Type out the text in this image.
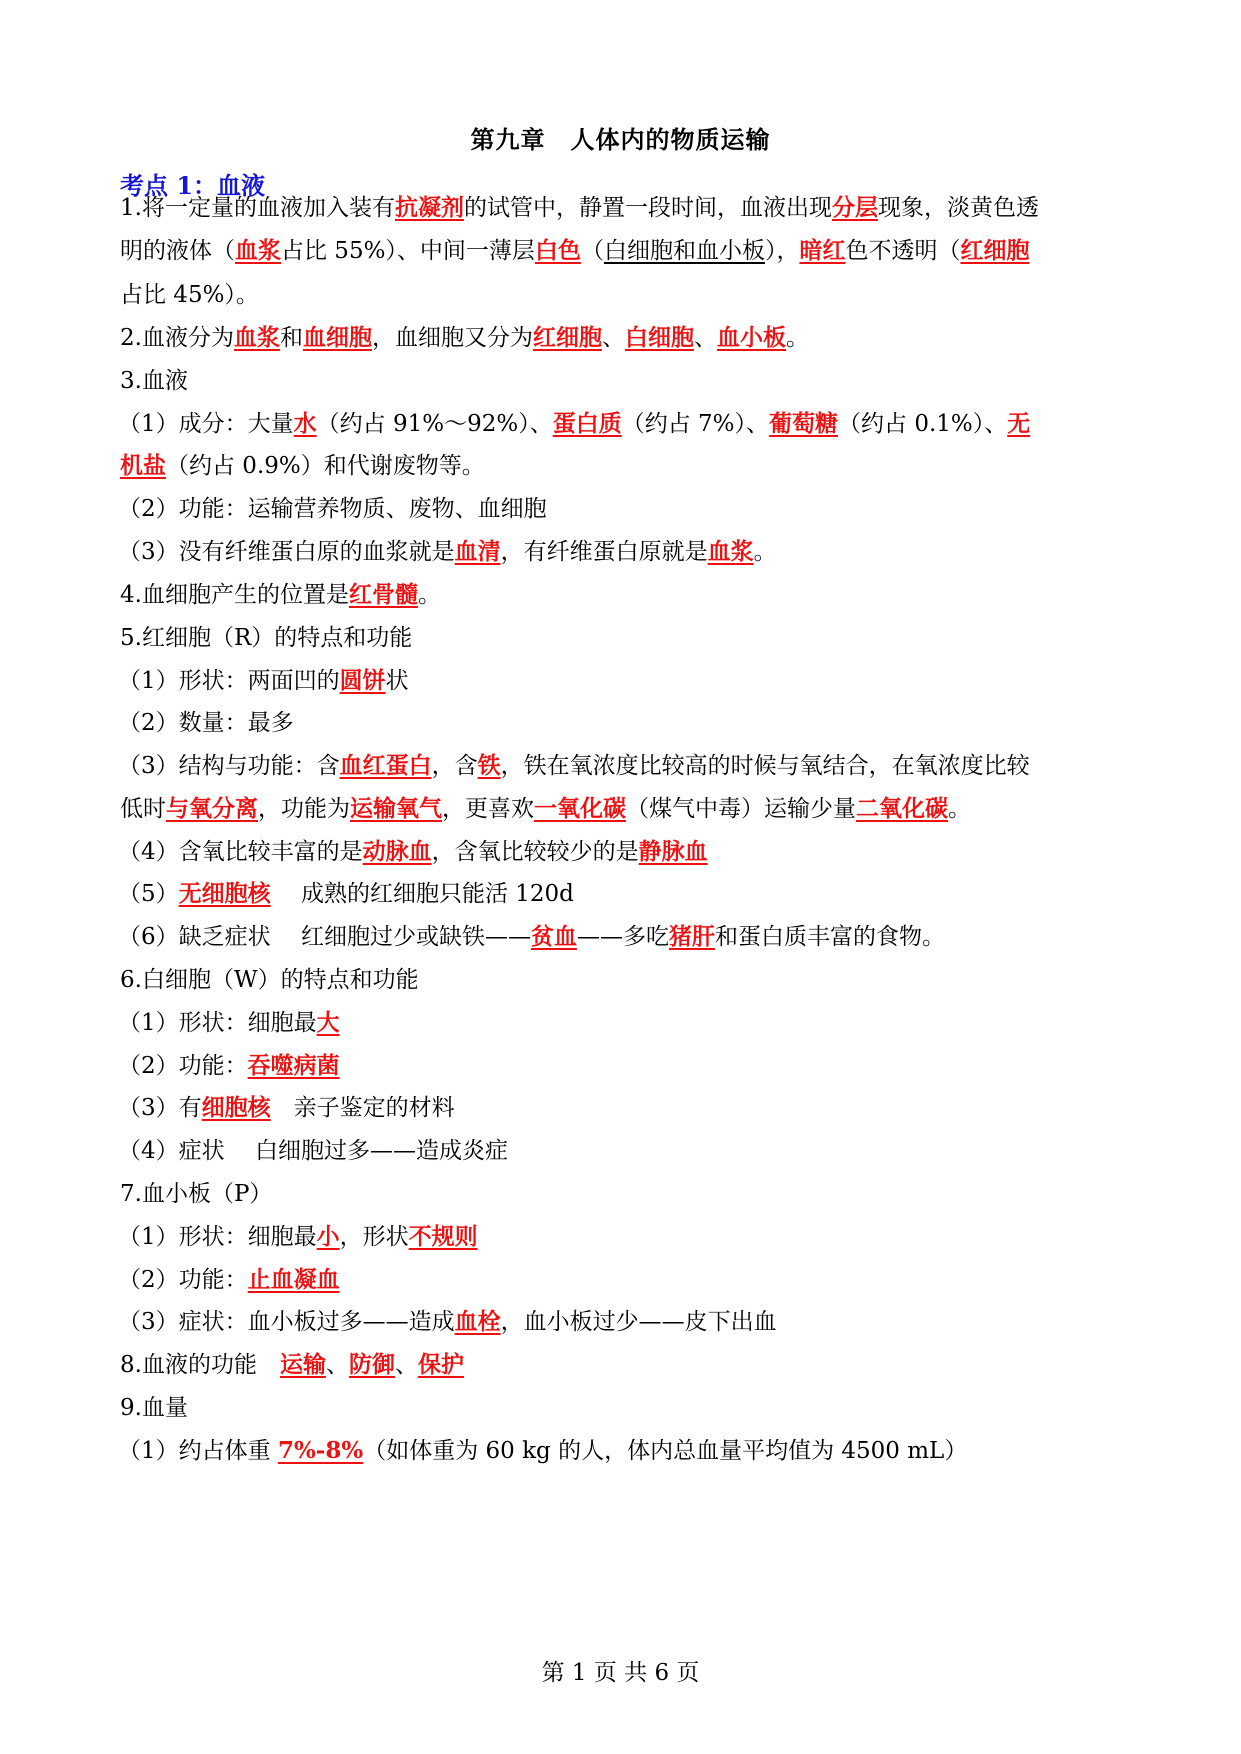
第九章　人体内的物质运输
考点 1：血液
1.将一定量的血液加入装有抗凝剂的试管中，静置一段时间，血液出现分层现象，淡黄色透
明的液体（血浆占比 55%）、中间一薄层白色（白细胞和血小板），暗红色不透明（红细胞
占比 45%）。
2.血液分为血浆和血细胞，血细胞又分为红细胞、白细胞、血小板。
3.血液
（1）成分：大量水（约占 91%～92%）、蛋白质（约占 7%）、葡萄糖（约占 0.1%）、无
机盐（约占 0.9%）和代谢废物等。
（2）功能：运输营养物质、废物、血细胞
（3）没有纤维蛋白原的血浆就是血清，有纤维蛋白原就是血浆。
4.血细胞产生的位置是红骨髓。
5.红细胞（R）的特点和功能
（1）形状：两面凹的圆饼状
（2）数量：最多
（3）结构与功能：含血红蛋白，含铁，铁在氧浓度比较高的时候与氧结合，在氧浓度比较
低时与氧分离，功能为运输氧气，更喜欢一氧化碳（煤气中毒）运输少量二氧化碳。
（4）含氧比较丰富的是动脉血，含氧比较较少的是静脉血
（5）无细胞核　 成熟的红细胞只能活 120d
（6）缺乏症状　 红细胞过少或缺铁——贫血——多吃猪肝和蛋白质丰富的食物。
6.白细胞（W）的特点和功能
（1）形状：细胞最大
（2）功能：吞噬病菌
（3）有细胞核　亲子鉴定的材料
（4）症状　 白细胞过多——造成炎症
7.血小板（P）
（1）形状：细胞最小，形状不规则
（2）功能：止血凝血
（3）症状：血小板过多——造成血栓，血小板过少——皮下出血
8.血液的功能　运输、防御、保护
9.血量
（1）约占体重 7%-8%（如体重为 60 kg 的人，体内总血量平均值为 4500 mL）
第 1 页 共 6 页
